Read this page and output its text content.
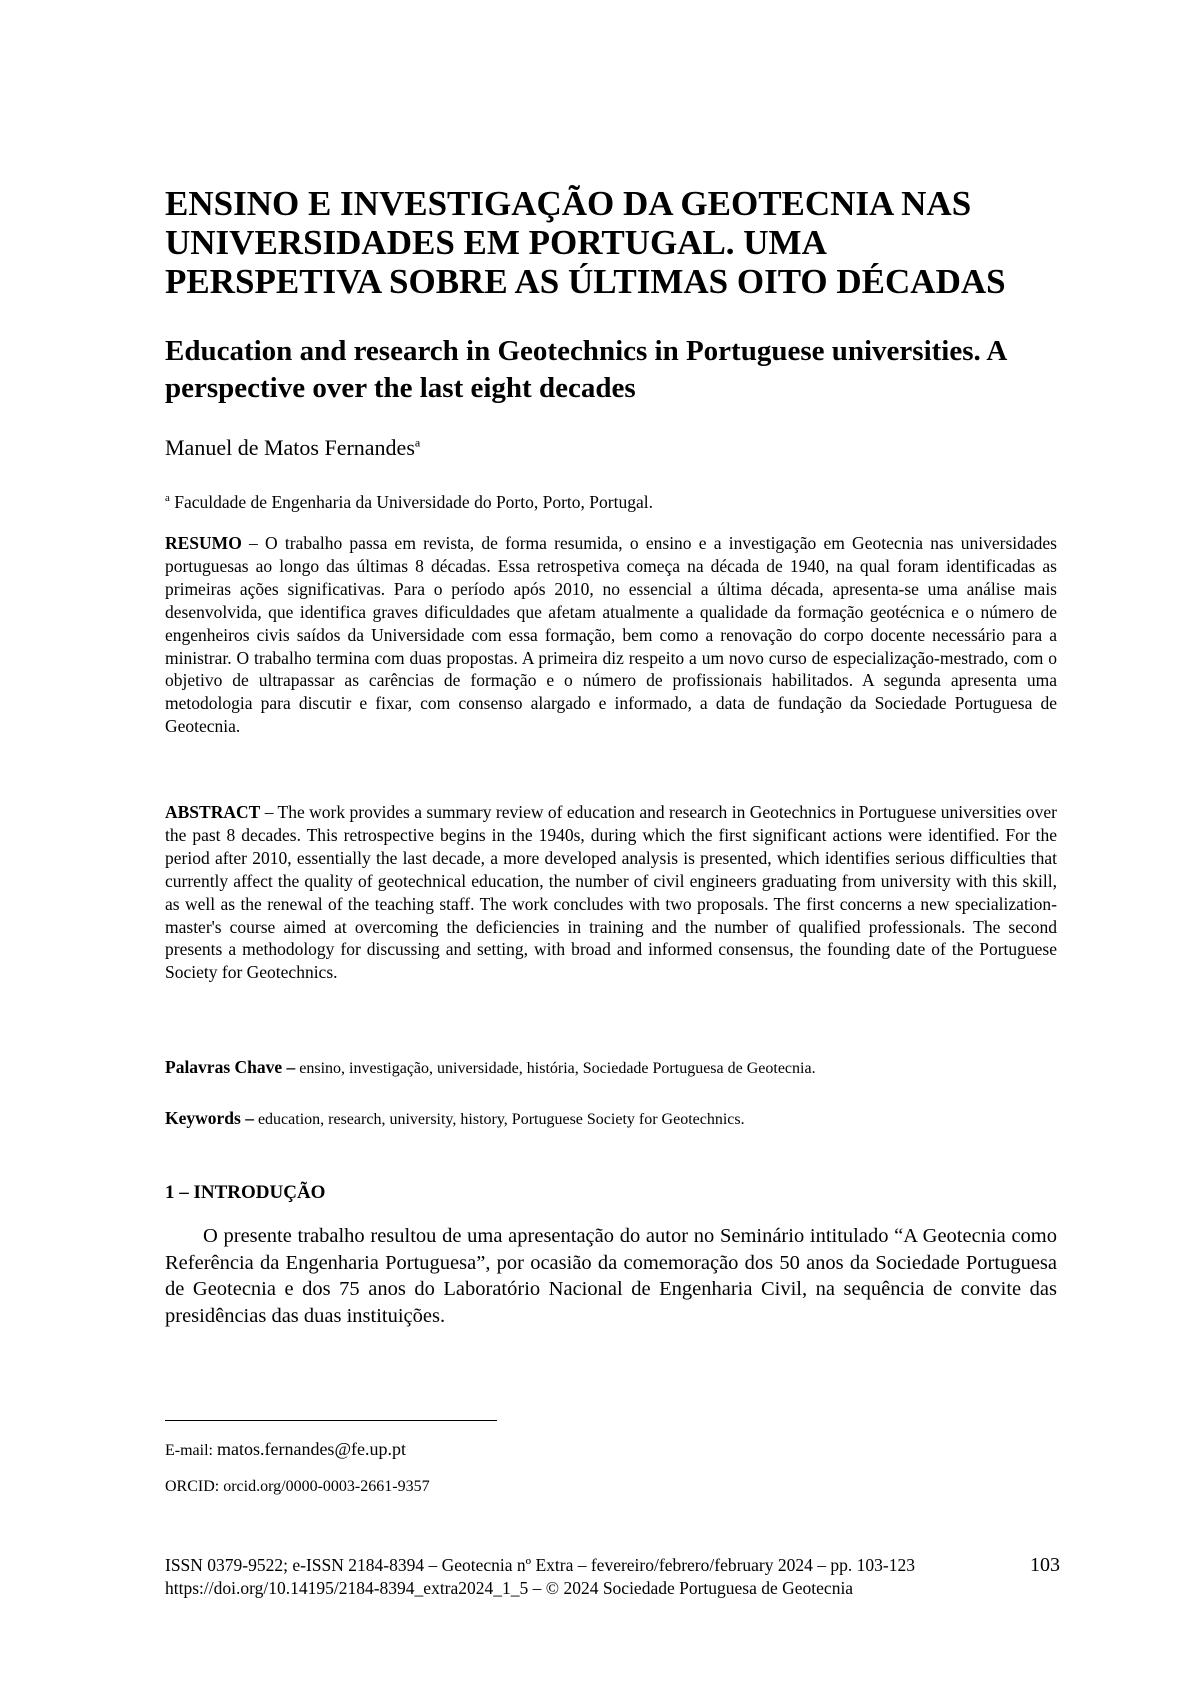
ENSINO E INVESTIGAÇÃO DA GEOTECNIA NAS UNIVERSIDADES EM PORTUGAL. UMA PERSPETIVA SOBRE AS ÚLTIMAS OITO DÉCADAS
Education and research in Geotechnics in Portuguese universities. A perspective over the last eight decades
Manuel de Matos Fernandes$^a$
$^a$ Faculdade de Engenharia da Universidade do Porto, Porto, Portugal.

RESUMO – O trabalho passa em revista, de forma resumida, o ensino e a investigação em Geotecnia nas universidades portuguesas ao longo das últimas 8 décadas. Essa retrospetiva começa na década de 1940, na qual foram identificadas as primeiras ações significativas. Para o período após 2010, no essencial a última década, apresenta-se uma análise mais desenvolvida, que identifica graves dificuldades que afetam atualmente a qualidade da formação geotécnica e o número de engenheiros civis saídos da Universidade com essa formação, bem como a renovação do corpo docente necessário para a ministrar. O trabalho termina com duas propostas. A primeira diz respeito a um novo curso de especialização-mestrado, com o objetivo de ultrapassar as carências de formação e o número de profissionais habilitados. A segunda apresenta uma metodologia para discutir e fixar, com consenso alargado e informado, a data de fundação da Sociedade Portuguesa de Geotecnia.

ABSTRACT – The work provides a summary review of education and research in Geotechnics in Portuguese universities over the past 8 decades. This retrospective begins in the 1940s, during which the first significant actions were identified. For the period after 2010, essentially the last decade, a more developed analysis is presented, which identifies serious difficulties that currently affect the quality of geotechnical education, the number of civil engineers graduating from university with this skill, as well as the renewal of the teaching staff. The work concludes with two proposals. The first concerns a new specialization-master's course aimed at overcoming the deficiencies in training and the number of qualified professionals. The second presents a methodology for discussing and setting, with broad and informed consensus, the founding date of the Portuguese Society for Geotechnics.

Palavras Chave – ensino, investigação, universidade, história, Sociedade Portuguesa de Geotecnia.
Keywords – education, research, university, history, Portuguese Society for Geotechnics.
1 – INTRODUÇÃO

O presente trabalho resultou de uma apresentação do autor no Seminário intitulado “A Geotecnia como Referência da Engenharia Portuguesa”, por ocasião da comemoração dos 50 anos da Sociedade Portuguesa de Geotecnia e dos 75 anos do Laboratório Nacional de Engenharia Civil, na sequência de convite das presidências das duas instituições.

E-mail: matos.fernandes@fe.up.pt
ORCID: orcid.org/0000-0003-2661-9357
ISSN 0379-9522; e-ISSN 2184-8394 – Geotecnia nº Extra – fevereiro/febrero/february 2024 – pp. 103-123
https://doi.org/10.14195/2184-8394_extra2024_1_5 – © 2024 Sociedade Portuguesa de Geotecnia
103
